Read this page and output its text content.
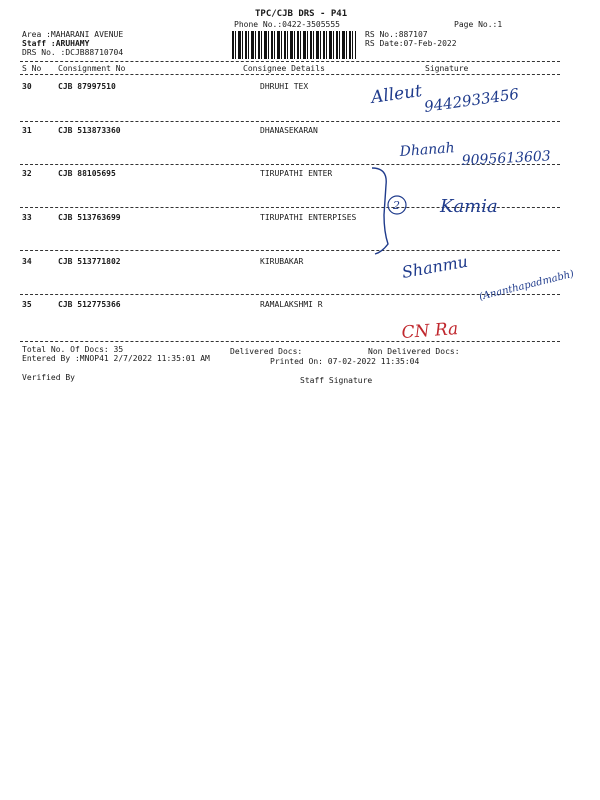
TPC/CJB DRS - P41
Phone No.:0422-3505555	Page No.:1
Area :MAHARANI AVENUE
Staff :ARUHAMY
DRS No. :DCJB88710704
RS No.:887107
RS Date:07-Feb-2022
S No Consignment No	Consignee Details	Signature
30	CJB 87997510	DHRUHI TEX
31	CJB 513873360	DHANASEKARAN
32	CJB 88105695	TIRUPATHI ENTER
33	CJB 513763699	TIRUPATHI ENTERPISES
34	CJB 513771802	KIRUBAKAR
35	CJB 512775366	RAMALAKSHMI R
Total No. Of Docs: 35	Delivered Docs:	Non Delivered Docs:
Entered By :MNOP41 2/7/2022 11:35:01 AM	Printed On: 07-02-2022 11:35:04
Verified By	Staff Signature
Alleut 9442933456
Dhanah 9095613603
2 Kamia
Shanmu
(Ananthapadmabh)
CN Ra
